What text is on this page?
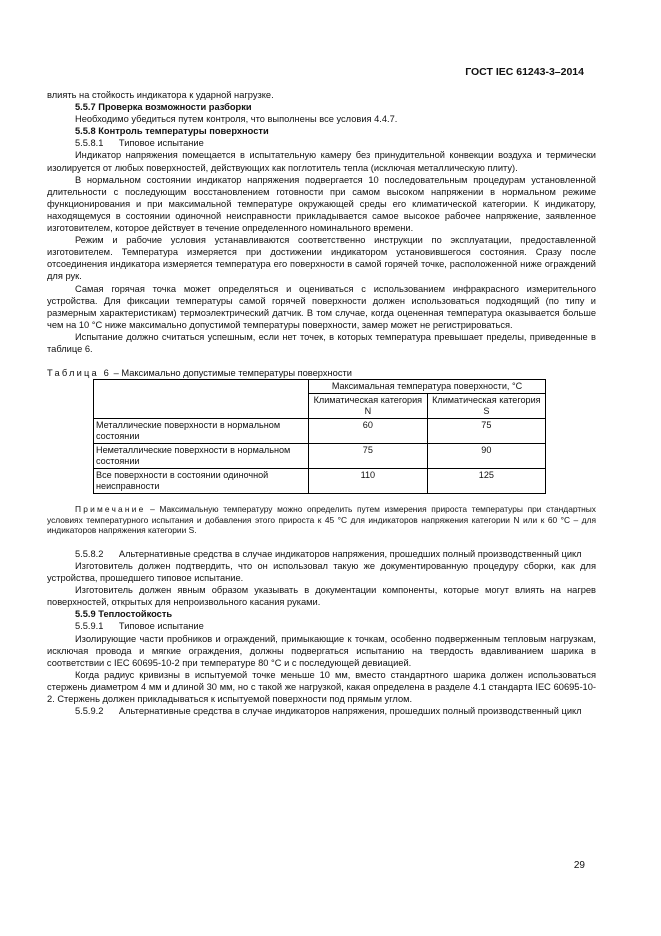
ГОСТ IEC 61243-3–2014

влиять на стойкость индикатора к ударной нагрузке.

5.5.7 Проверка возможности разборки

Необходимо убедиться путем контроля, что выполнены все условия 4.4.7.

5.5.8 Контроль температуры поверхности

5.5.8.1      Типовое испытание

Индикатор напряжения помещается в испытательную камеру без принудительной конвекции воздуха и термически изолируется от любых поверхностей, действующих как поглотитель тепла (исключая металлическую плиту).

В нормальном состоянии индикатор напряжения подвергается 10 последовательным процедурам установленной длительности с последующим восстановлением готовности при самом высоком напряжении в нормальном режиме функционирования и при максимальной температуре окружающей среды его климатической категории. К индикатору, находящемуся в состоянии одиночной неисправности прикладывается самое высокое рабочее напряжение, заявленное изготовителем, которое действует в течение определенного номинального времени.

Режим и рабочие условия устанавливаются соответственно инструкции по эксплуатации, предоставленной изготовителем. Температура измеряется при достижении индикатором установившегося состояния. Сразу после отсоединения индикатора измеряется температура его поверхности в самой горячей точке, расположенной ниже ограждений для рук.

Самая горячая точка может определяться и оцениваться с использованием инфракрасного измерительного устройства. Для фиксации температуры самой горячей поверхности должен использоваться подходящий (по типу и размерным характеристикам) термоэлектрический датчик. В том случае, когда оцененная температура оказывается больше чем на 10 °С ниже максимально допустимой температуры поверхности, замер может не регистрироваться.

Испытание должно считаться успешным, если нет точек, в которых температура превышает пределы, приведенные в таблице 6.

Таблица 6 – Максимально допустимые температуры поверхности
	Максимальная температура поверхности, °С	
	Климатическая категория N	Климатическая категория S
Металлические поверхности в нормальном состоянии	60	75
Неметаллические поверхности в нормальном состоянии	75	90
Все поверхности в состоянии одиночной неисправности	110	125
Примечание – Максимальную температуру можно определить путем измерения прироста температуры при стандартных условиях температурного испытания и добавления этого прироста к 45 °С для индикаторов напряжения категории N или к 60 °С – для индикаторов напряжения категории S.

5.5.8.2      Альтернативные средства в случае индикаторов напряжения, прошедших полный производственный цикл

Изготовитель должен подтвердить, что он использовал такую же документированную процедуру сборки, как для устройства, прошедшего типовое испытание.

Изготовитель должен явным образом указывать в документации компоненты, которые могут влиять на нагрев поверхностей, открытых для непроизвольного касания руками.

5.5.9 Теплостойкость

5.5.9.1      Типовое испытание

Изолирующие части пробников и ограждений, примыкающие к точкам, особенно подверженным тепловым нагрузкам, исключая провода и мягкие ограждения, должны подвергаться испытанию на твердость вдавливанием шарика в соответствии с IEC 60695-10-2 при температуре 80 °С и с последующей девиацией.

Когда радиус кривизны в испытуемой точке меньше 10 мм, вместо стандартного шарика должен использоваться стержень диаметром 4 мм и длиной 30 мм, но с такой же нагрузкой, какая определена в разделе 4.1 стандарта IEC 60695-10-2. Стержень должен прикладываться к испытуемой поверхности под прямым углом.

5.5.9.2      Альтернативные средства в случае индикаторов напряжения, прошедших полный производственный цикл

29
